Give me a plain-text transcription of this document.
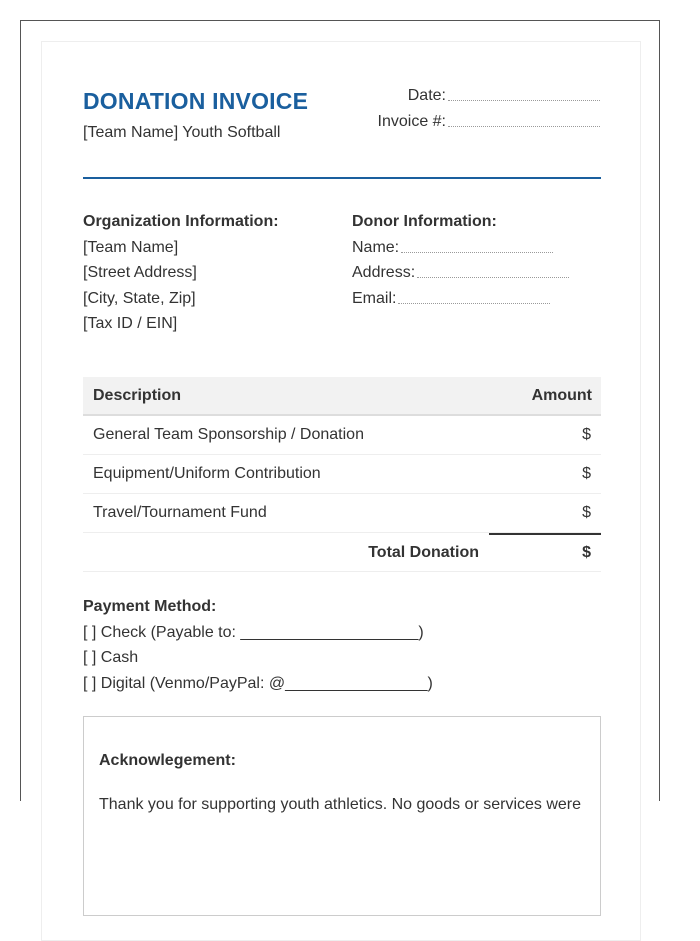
DONATION INVOICE
[Team Name] Youth Softball
Date:
Invoice #:
Organization Information:
[Team Name]
[Street Address]
[City, State, Zip]
[Tax ID / EIN]
Donor Information:
Name:
Address:
Email:
Description	Amount
General Team Sponsorship / Donation	$
Equipment/Uniform Contribution	$
Travel/Tournament Fund	$
Total Donation	$
Payment Method:
[ ] Check (Payable to: ____________________)
[ ] Cash
[ ] Digital (Venmo/PayPal: @________________)
Acknowlegement:
Thank you for supporting youth athletics. No goods or services were
